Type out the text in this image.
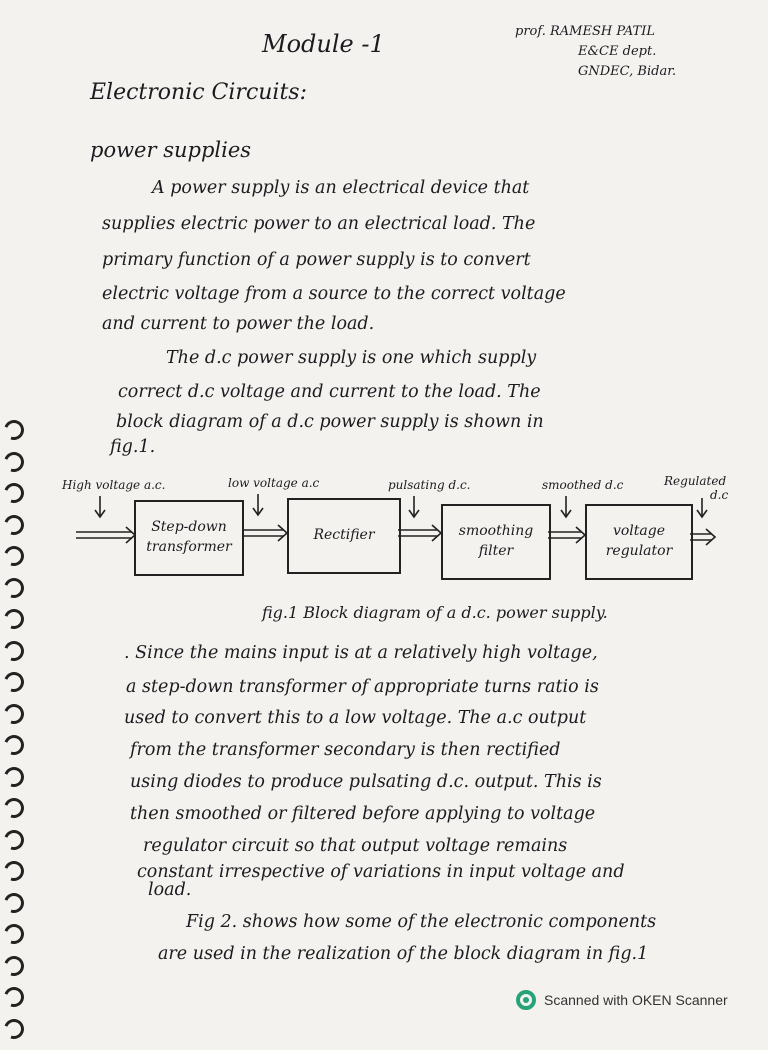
Module -1	prof. RAMESH PATIL
E&CE dept.
GNDEC, Bidar.
Electronic Circuits:
power supplies
A power supply is an electrical device that
supplies electric power to an electrical load. The
primary function of a power supply is to convert
electric voltage from a source to the correct voltage
and current to power the load.
The d.c power supply is one which supply
correct d.c voltage and current to the load. The
block diagram of a d.c power supply is shown in
fig.1.
High voltage a.c.	low voltage a.c	pulsating d.c.	smoothed d.c	Regulated
d.c
Step-down transformer
Rectifier	smoothing filter
voltage regulator
fig.1 Block diagram of a d.c. power supply.
. Since the mains input is at a relatively high voltage,
a step-down transformer of appropriate turns ratio is
used to convert this to a low voltage. The a.c output
from the transformer secondary is then rectified
using diodes to produce pulsating d.c. output. This is
then smoothed or filtered before applying to voltage
regulator circuit so that output voltage remains
constant irrespective of variations in input voltage and
load.
Fig 2. shows how some of the electronic components
are used in the realization of the block diagram in fig.1
Scanned with OKEN Scanner
